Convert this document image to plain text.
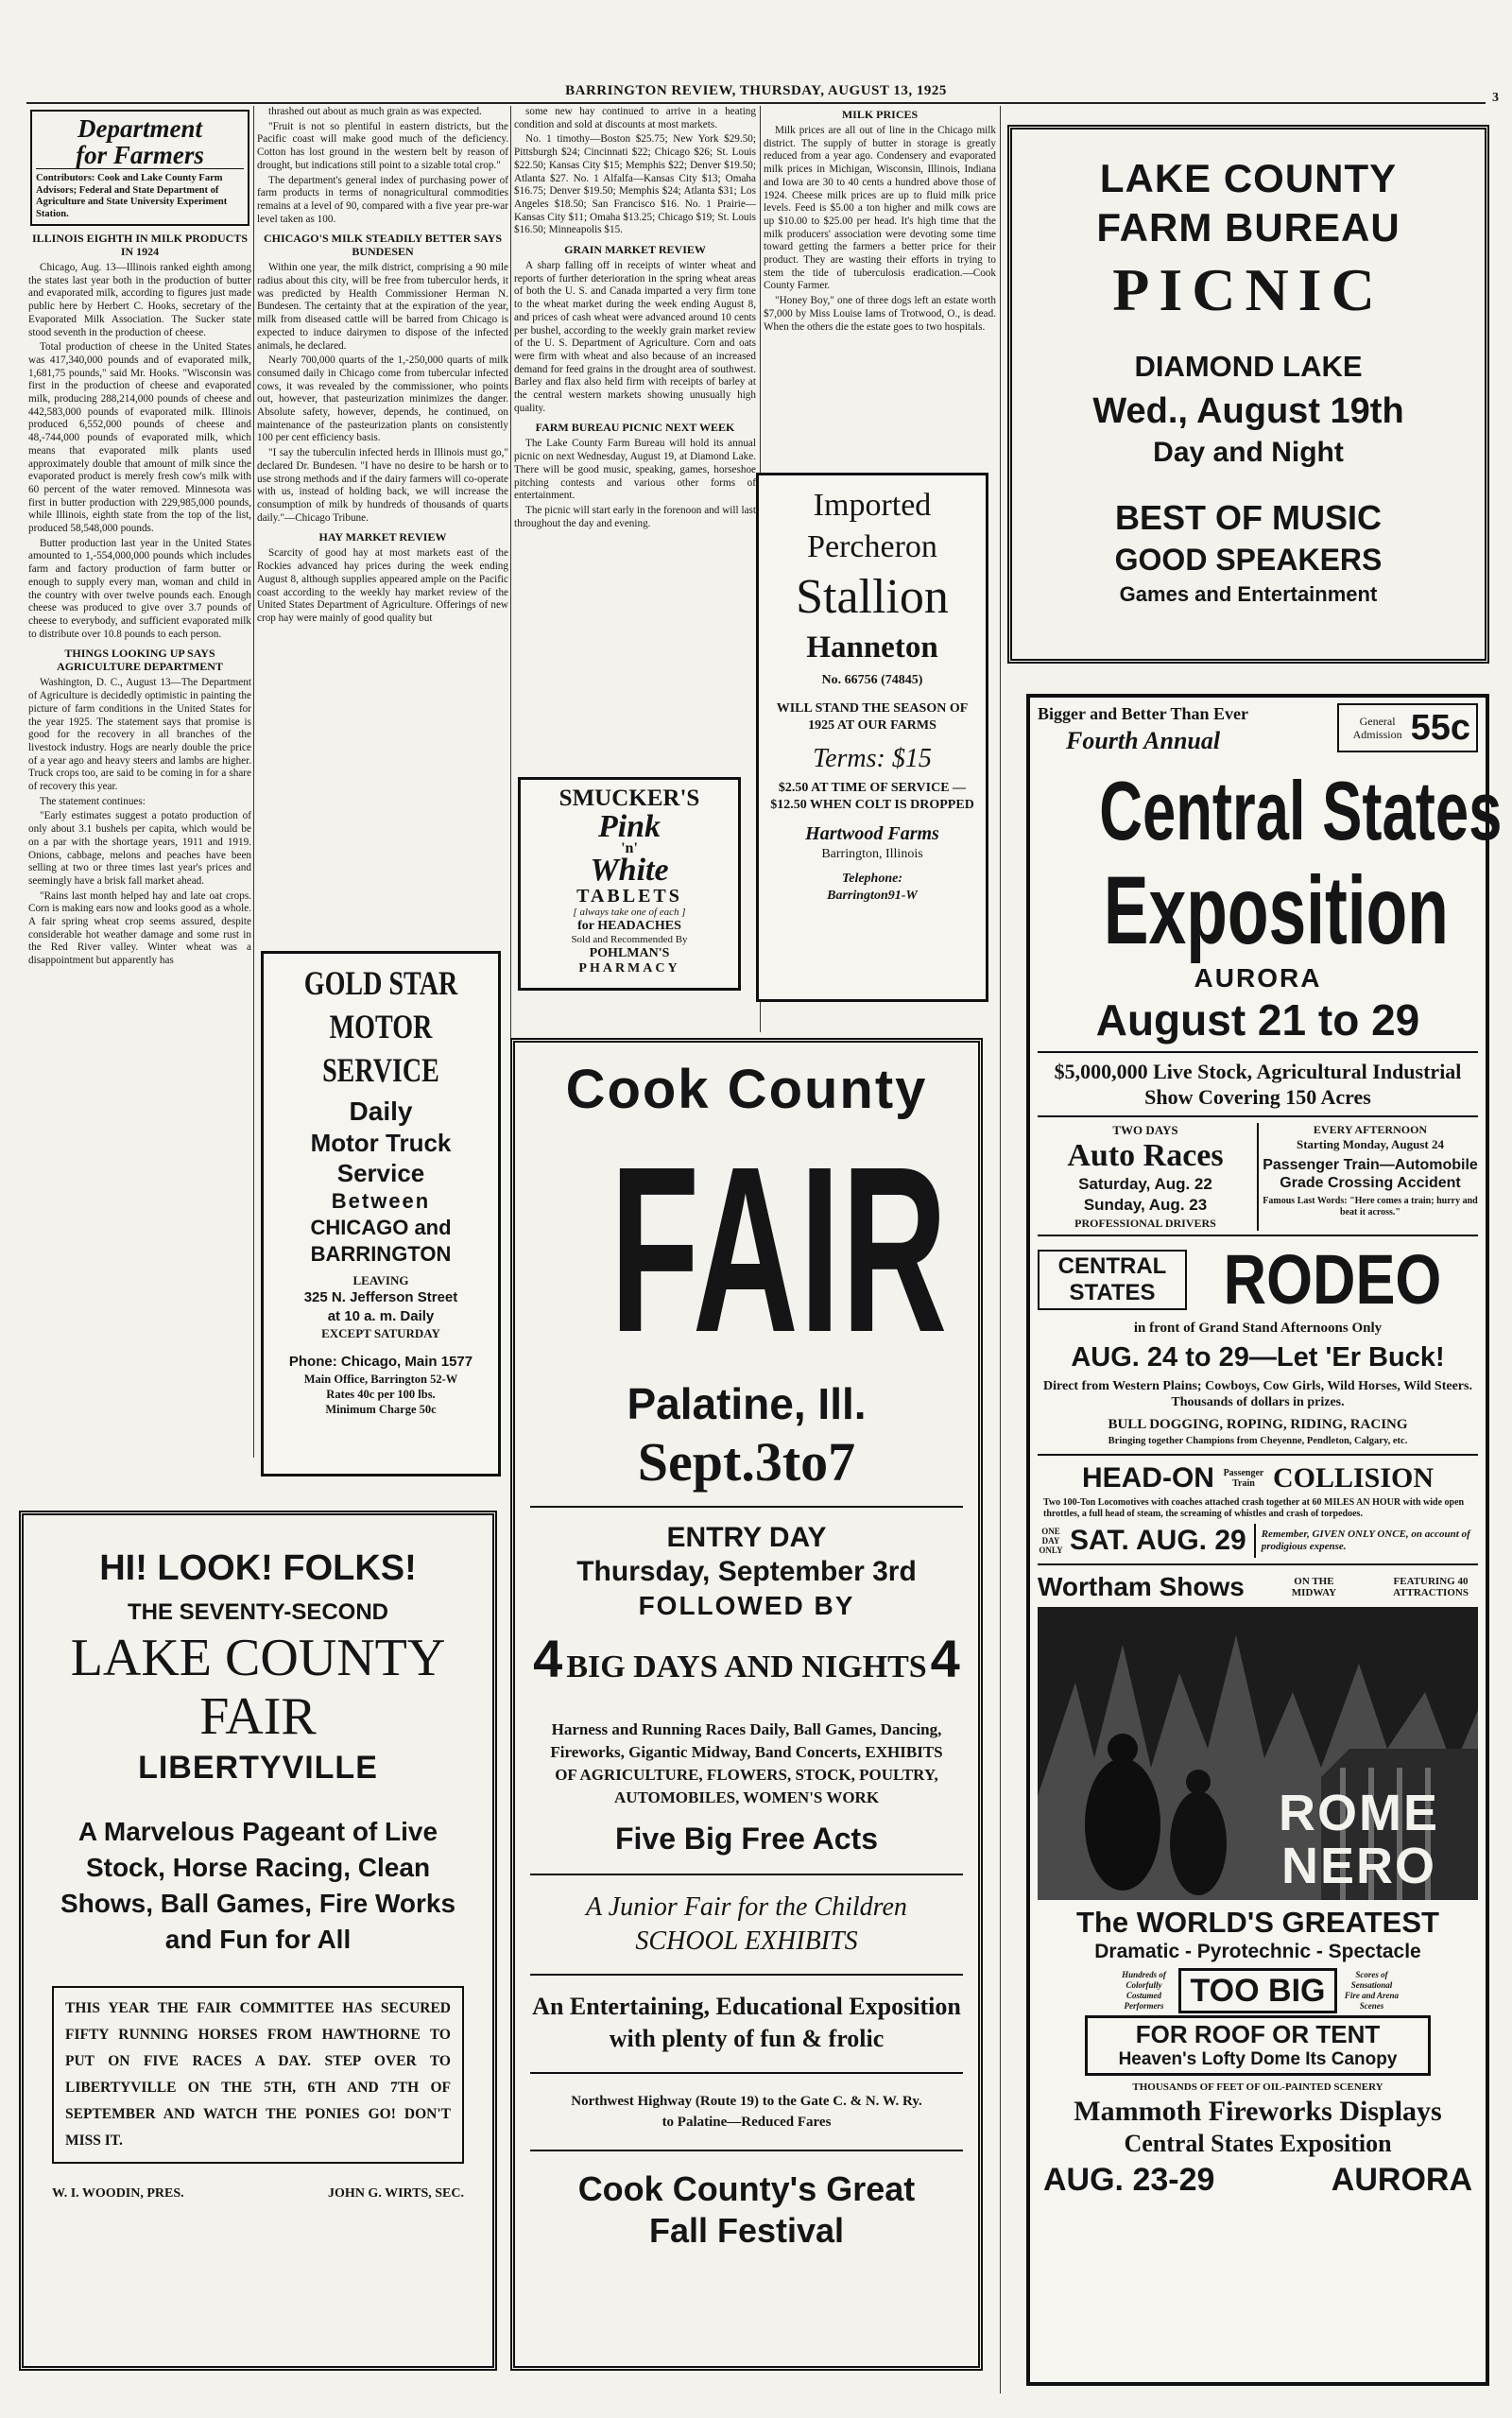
BARRINGTON REVIEW, THURSDAY, AUGUST 13, 1925	3
Department
for Farmers
Contributors: Cook and Lake County Farm Advisors; Federal and State Department of Agriculture and State University Experiment Station.
ILLINOIS EIGHTH IN MILK PRODUCTS IN 1924

Chicago, Aug. 13—Illinois ranked eighth among the states last year both in the production of butter and evaporated milk, according to figures just made public here by Herbert C. Hooks, secretary of the Evaporated Milk Association. The Sucker state stood seventh in the production of cheese.

Total production of cheese in the United States was 417,340,000 pounds and of evaporated milk, 1,681,75 pounds," said Mr. Hooks. "Wisconsin was first in the production of cheese and evaporated milk, producing 288,214,000 pounds of cheese and 442,583,000 pounds of evaporated milk. Illinois produced 6,552,000 pounds of cheese and 48,-744,000 pounds of evaporated milk, which means that evaporated milk plants used approximately double that amount of milk since the evaporated product is merely fresh cow's milk with 60 percent of the water removed. Minnesota was first in butter production with 229,985,000 pounds, while Illinois, eighth state from the top of the list, produced 58,548,000 pounds.

Butter production last year in the United States amounted to 1,-554,000,000 pounds which includes farm and factory production of farm butter or enough to supply every man, woman and child in the country with over twelve pounds each. Enough cheese was produced to give over 3.7 pounds of cheese to everybody, and sufficient evaporated milk to distribute over 10.8 pounds to each person.

THINGS LOOKING UP SAYS AGRICULTURE DEPARTMENT

Washington, D. C., August 13—The Department of Agriculture is decidedly optimistic in painting the picture of farm conditions in the United States for the year 1925. The statement says that promise is good for the recovery in all branches of the livestock industry. Hogs are nearly double the price of a year ago and heavy steers and lambs are higher. Truck crops too, are said to be coming in for a share of recovery this year.

The statement continues:

"Early estimates suggest a potato production of only about 3.1 bushels per capita, which would be on a par with the shortage years, 1911 and 1919. Onions, cabbage, melons and peaches have been selling at two or three times last year's prices and seemingly have a brisk fall market ahead.

"Rains last month helped hay and late oat crops. Corn is making ears now and looks good as a whole. A fair spring wheat crop seems assured, despite considerable hot weather damage and some rust in the Red River valley. Winter wheat was a disappointment but apparently has

thrashed out about as much grain as was expected.

"Fruit is not so plentiful in eastern districts, but the Pacific coast will make good much of the deficiency. Cotton has lost ground in the western belt by reason of drought, but indications still point to a sizable total crop."

The department's general index of purchasing power of farm products in terms of nonagricultural commodities remains at a level of 90, compared with a five year pre-war level taken as 100.

CHICAGO'S MILK STEADILY BETTER SAYS BUNDESEN

Within one year, the milk district, comprising a 90 mile radius about this city, will be free from tuberculor herds, it was predicted by Health Commissioner Herman N. Bundesen. The certainty that at the expiration of the year, milk from diseased cattle will be barred from Chicago is expected to induce dairymen to dispose of the infected animals, he declared.

Nearly 700,000 quarts of the 1,-250,000 quarts of milk consumed daily in Chicago come from tubercular infected cows, it was revealed by the commissioner, who points out, however, that pasteurization minimizes the danger. Absolute safety, however, depends, he continued, on maintenance of the pasteurization plants on consistently 100 per cent efficiency basis.

"I say the tuberculin infected herds in Illinois must go," declared Dr. Bundesen. "I have no desire to be harsh or to use strong methods and if the dairy farmers will co-operate with us, instead of holding back, we will increase the consumption of milk by hundreds of thousands of quarts daily."—Chicago Tribune.

HAY MARKET REVIEW

Scarcity of good hay at most markets east of the Rockies advanced hay prices during the week ending August 8, although supplies appeared ample on the Pacific coast according to the weekly hay market review of the United States Department of Agriculture. Offerings of new crop hay were mainly of good quality but

some new hay continued to arrive in a heating condition and sold at discounts at most markets.

No. 1 timothy—Boston $25.75; New York $29.50; Pittsburgh $24; Cincinnati $22; Chicago $26; St. Louis $22.50; Kansas City $15; Memphis $22; Denver $19.50; Atlanta $27. No. 1 Alfalfa—Kansas City $13; Omaha $16.75; Denver $19.50; Memphis $24; Atlanta $31; Los Angeles $18.50; San Francisco $16. No. 1 Prairie—Kansas City $11; Omaha $13.25; Chicago $19; St. Louis $16.50; Minneapolis $15.

GRAIN MARKET REVIEW

A sharp falling off in receipts of winter wheat and reports of further deterioration in the spring wheat areas of both the U. S. and Canada imparted a very firm tone to the wheat market during the week ending August 8, and prices of cash wheat were advanced around 10 cents per bushel, according to the weekly grain market review of the U. S. Department of Agriculture. Corn and oats were firm with wheat and also because of an increased demand for feed grains in the drought area of southwest. Barley and flax also held firm with receipts of barley at the central western markets showing unusually high quality.

FARM BUREAU PICNIC NEXT WEEK

The Lake County Farm Bureau will hold its annual picnic on next Wednesday, August 19, at Diamond Lake. There will be good music, speaking, games, horseshoe pitching contests and various other forms of entertainment.

The picnic will start early in the forenoon and will last throughout the day and evening.

MILK PRICES

Milk prices are all out of line in the Chicago milk district. The supply of butter in storage is greatly reduced from a year ago. Condensery and evaporated milk prices in Michigan, Wisconsin, Illinois, Indiana and Iowa are 30 to 40 cents a hundred above those of 1924. Cheese milk prices are up to fluid milk price levels. Feed is $5.00 a ton higher and milk cows are up $10.00 to $25.00 per head. It's high time that the milk producers' association were devoting some time toward getting the farmers a better price for their product. They are wasting their efforts in trying to stem the tide of tuberculosis eradication.—Cook County Farmer.

"Honey Boy," one of three dogs left an estate worth $7,000 by Miss Louise Iams of Trotwood, O., is dead. When the others die the estate goes to two hospitals.

SMUCKER'S
Pink
'n'
White
TABLETS
[ always take one of each ]
for HEADACHES
Sold and Recommended By
POHLMAN'S
PHARMACY
GOLD STAR
MOTOR
SERVICE
Daily
Motor Truck
Service
Between
CHICAGO and
BARRINGTON
LEAVING
325 N. Jefferson Street
at 10 a. m. Daily
EXCEPT SATURDAY
Phone: Chicago, Main 1577
Main Office, Barrington 52-W
Rates 40c per 100 lbs.
Minimum Charge 50c
Imported
Percheron
Stallion
Hanneton
No. 66756 (74845)
WILL STAND THE SEASON OF 1925 AT OUR FARMS
Terms: $15
$2.50 AT TIME OF SERVICE — $12.50 WHEN COLT IS DROPPED
Hartwood Farms
Barrington, Illinois
Telephone:
Barrington91-W
LAKE COUNTY
FARM BUREAU
PICNIC
DIAMOND LAKE
Wed., August 19th
Day and Night
BEST OF MUSIC
GOOD SPEAKERS
Games and Entertainment
Cook County
FAIR
Palatine, Ill.
Sept.3to7
ENTRY DAY
Thursday, September 3rd
FOLLOWED BY
4 BIG DAYS AND NIGHTS 4
Harness and Running Races Daily, Ball Games, Dancing, Fireworks, Gigantic Midway, Band Concerts, EXHIBITS OF AGRICULTURE, FLOWERS, STOCK, POULTRY, AUTOMOBILES, WOMEN'S WORK
Five Big Free Acts
A Junior Fair for the Children
SCHOOL EXHIBITS
An Entertaining, Educational Exposition with plenty of fun & frolic
Northwest Highway (Route 19) to the Gate C. & N. W. Ry. to Palatine—Reduced Fares
Cook County's Great
Fall Festival
HI! LOOK! FOLKS!
THE SEVENTY-SECOND
LAKE COUNTY
FAIR
LIBERTYVILLE
A Marvelous Pageant of Live Stock, Horse Racing, Clean Shows, Ball Games, Fire Works and Fun for All
THIS YEAR THE FAIR COMMITTEE HAS SECURED FIFTY RUNNING HORSES FROM HAWTHORNE TO PUT ON FIVE RACES A DAY. STEP OVER TO LIBERTYVILLE ON THE 5TH, 6TH AND 7TH OF SEPTEMBER AND WATCH THE PONIES GO! DON'T MISS IT.
W. I. WOODIN, PRES.	JOHN G. WIRTS, SEC.
Bigger and Better Than Ever
Fourth Annual
General Admission 55c
Central States
Exposition
AURORA
August 21 to 29
$5,000,000 Live Stock, Agricultural Industrial Show Covering 150 Acres
TWO DAYS
Auto Races
Saturday, Aug. 22
Sunday, Aug. 23
PROFESSIONAL DRIVERS
EVERY AFTERNOON
Starting Monday, August 24
Passenger Train—Automobile Grade Crossing Accident
Famous Last Words: "Here comes a train; hurry and beat it across."
CENTRAL STATES RODEO
in front of Grand Stand Afternoons Only
AUG. 24 to 29—Let 'Er Buck!
Direct from Western Plains; Cowboys, Cow Girls, Wild Horses, Wild Steers. Thousands of dollars in prizes.
BULL DOGGING, ROPING, RIDING, RACING
Bringing together Champions from Cheyenne, Pendleton, Calgary, etc.
HEAD-ON Passenger Train COLLISION
Two 100-Ton Locomotives with coaches attached crash together at 60 MILES AN HOUR with wide open throttles, a full head of steam, the screaming of whistles and crash of torpedoes.
ONE DAY ONLY SAT. AUG. 29	Remember, GIVEN ONLY ONCE, on account of prodigious expense.
Wortham Shows	ON THE MIDWAY
FEATURING 40 ATTRACTIONS
ROME
NERO
The WORLD'S GREATEST
Dramatic - Pyrotechnic - Spectacle
Hundreds of Colorfully Costumed Performers TOO BIG	Scores of Sensational Fire and Arena Scenes
FOR ROOF OR TENT
Heaven's Lofty Dome Its Canopy
THOUSANDS OF FEET OF OIL-PAINTED SCENERY
Mammoth Fireworks Displays
Central States Exposition
AUG. 23-29	AURORA
